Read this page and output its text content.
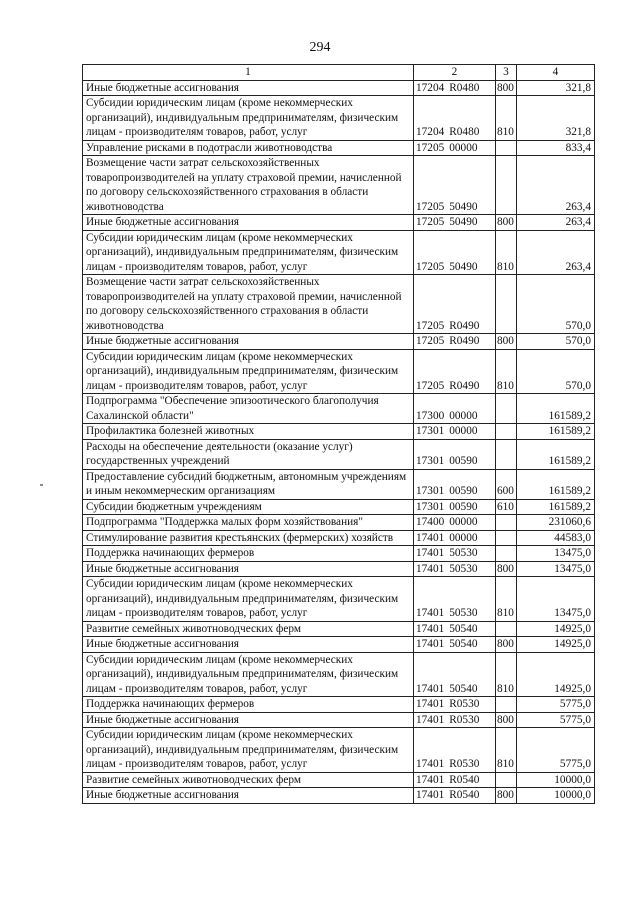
294
1	2	3	4
Иные бюджетные ассигнования	17204 R0480	800	321,8
Субсидии юридическим лицам (кроме некоммерческих организаций), индивидуальным предпринимателям, физическим лицам - производителям товаров, работ, услуг	17204 R0480	810	321,8
Управление рисками в подотрасли животноводства	17205 00000		833,4
Возмещение части затрат сельскохозяйственных товаропроизводителей на уплату страховой премии, начисленной по договору сельскохозяйственного страхования в области животноводства	17205 50490		263,4
Иные бюджетные ассигнования	17205 50490	800	263,4
Субсидии юридическим лицам (кроме некоммерческих организаций), индивидуальным предпринимателям, физическим лицам - производителям товаров, работ, услуг	17205 50490	810	263,4
Возмещение части затрат сельскохозяйственных товаропроизводителей на уплату страховой премии, начисленной по договору сельскохозяйственного страхования в области животноводства	17205 R0490		570,0
Иные бюджетные ассигнования	17205 R0490	800	570,0
Субсидии юридическим лицам (кроме некоммерческих организаций), индивидуальным предпринимателям, физическим лицам - производителям товаров, работ, услуг	17205 R0490	810	570,0
Подпрограмма "Обеспечение эпизоотического благополучия Сахалинской области"	17300 00000		161589,2
Профилактика болезней животных	17301 00000		161589,2
Расходы на обеспечение деятельности (оказание услуг) государственных учреждений	17301 00590		161589,2
Предоставление субсидий бюджетным, автономным учреждениям и иным некоммерческим организациям	17301 00590	600	161589,2
Субсидии бюджетным учреждениям	17301 00590	610	161589,2
Подпрограмма "Поддержка малых форм хозяйствования"	17400 00000		231060,6
Стимулирование развития крестьянских (фермерских) хозяйств	17401 00000		44583,0
Поддержка начинающих фермеров	17401 50530		13475,0
Иные бюджетные ассигнования	17401 50530	800	13475,0
Субсидии юридическим лицам (кроме некоммерческих организаций), индивидуальным предпринимателям, физическим лицам - производителям товаров, работ, услуг	17401 50530	810	13475,0
Развитие семейных животноводческих ферм	17401 50540		14925,0
Иные бюджетные ассигнования	17401 50540	800	14925,0
Субсидии юридическим лицам (кроме некоммерческих организаций), индивидуальным предпринимателям, физическим лицам - производителям товаров, работ, услуг	17401 50540	810	14925,0
Поддержка начинающих фермеров	17401 R0530		5775,0
Иные бюджетные ассигнования	17401 R0530	800	5775,0
Субсидии юридическим лицам (кроме некоммерческих организаций), индивидуальным предпринимателям, физическим лицам - производителям товаров, работ, услуг	17401 R0530	810	5775,0
Развитие семейных животноводческих ферм	17401 R0540		10000,0
Иные бюджетные ассигнования	17401 R0540	800	10000,0
